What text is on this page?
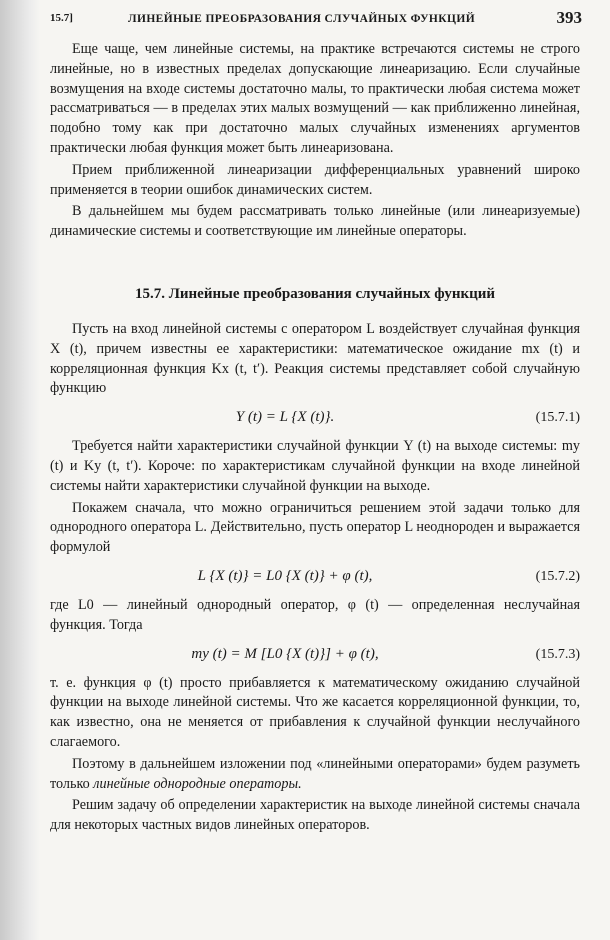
15.7]	ЛИНЕЙНЫЕ ПРЕОБРАЗОВАНИЯ СЛУЧАЙНЫХ ФУНКЦИЙ	393

Еще чаще, чем линейные системы, на практике встречаются системы не строго линейные, но в известных пределах допускающие линеаризацию. Если случайные возмущения на входе системы достаточно малы, то практически любая система может рассматриваться — в пределах этих малых возмущений — как приближенно линейная, подобно тому как при достаточно малых случайных изменениях аргументов практически любая функция может быть линеаризована.

Прием приближенной линеаризации дифференциальных уравнений широко применяется в теории ошибок динамических систем.

В дальнейшем мы будем рассматривать только линейные (или линеаризуемые) динамические системы и соответствующие им линейные операторы.

15.7. Линейные преобразования случайных функций

Пусть на вход линейной системы с оператором L воздействует случайная функция X (t), причем известны ее характеристики: математическое ожидание mx (t) и корреляционная функция Kx (t, t′). Реакция системы представляет собой случайную функцию

Y (t) = L {X (t)}.	(15.7.1)

Требуется найти характеристики случайной функции Y (t) на выходе системы: my (t) и Ky (t, t′). Короче: по характеристикам случайной функции на входе линейной системы найти характеристики случайной функции на выходе.

Покажем сначала, что можно ограничиться решением этой задачи только для однородного оператора L. Действительно, пусть оператор L неоднороден и выражается формулой

L {X (t)} = L0 {X (t)} + φ (t),	(15.7.2)

где L0 — линейный однородный оператор, φ (t) — определенная неслучайная функция. Тогда

my (t) = M [L0 {X (t)}] + φ (t),	(15.7.3)

т. е. функция φ (t) просто прибавляется к математическому ожиданию случайной функции на выходе линейной системы. Что же касается корреляционной функции, то, как известно, она не меняется от прибавления к случайной функции неслучайного слагаемого.

Поэтому в дальнейшем изложении под «линейными операторами» будем разуметь только линейные однородные операторы.

Решим задачу об определении характеристик на выходе линейной системы сначала для некоторых частных видов линейных операторов.
